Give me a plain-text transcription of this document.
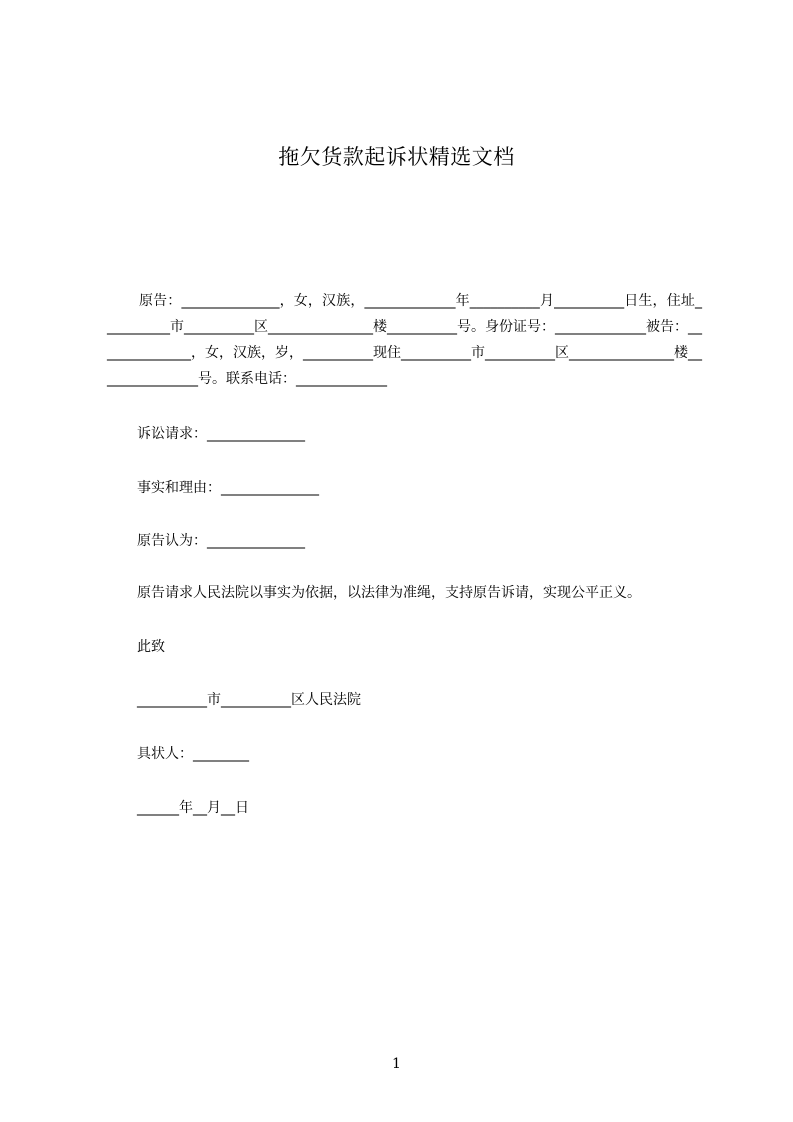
拖欠货款起诉状精选文档
原告：______________，女，汉族，_____________年__________月__________日生，住址__________市__________区_______________楼__________号。身份证号：_____________被告：______________，女，汉族，岁，__________现住__________市__________区_______________楼_______________号。联系电话：_____________
诉讼请求：______________
事实和理由：______________
原告认为：______________
原告请求人民法院以事实为依据，以法律为准绳，支持原告诉请，实现公平正义。
此致
__________市__________区人民法院
具状人：________
______年__月__日
1
